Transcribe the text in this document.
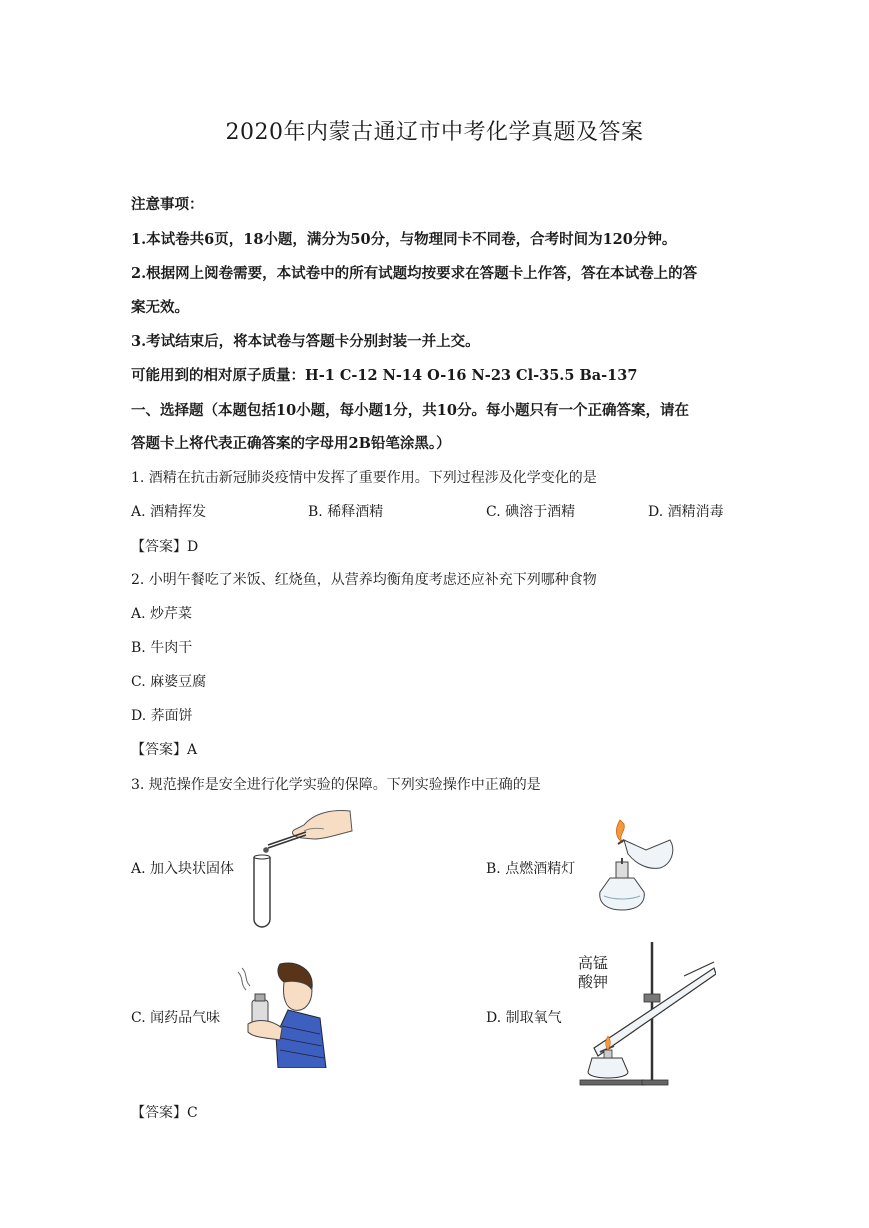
2020年内蒙古通辽市中考化学真题及答案
注意事项：
1.本试卷共6页，18小题，满分为50分，与物理同卡不同卷，合考时间为120分钟。
2.根据网上阅卷需要，本试卷中的所有试题均按要求在答题卡上作答，答在本试卷上的答
案无效。
3.考试结束后，将本试卷与答题卡分别封装一并上交。
可能用到的相对原子质量：H-1 C-12 N-14 O-16 N-23 Cl-35.5 Ba-137
一、选择题（本题包括10小题，每小题1分，共10分。每小题只有一个正确答案，请在
答题卡上将代表正确答案的字母用2B铅笔涂黑。）
1. 酒精在抗击新冠肺炎疫情中发挥了重要作用。下列过程涉及化学变化的是
A. 酒精挥发	B. 稀释酒精	C. 碘溶于酒精	D. 酒精消毒
【答案】D
2. 小明午餐吃了米饭、红烧鱼，从营养均衡角度考虑还应补充下列哪种食物
A. 炒芹菜
B. 牛肉干
C. 麻婆豆腐
D. 荞面饼
【答案】A
3. 规范操作是安全进行化学实验的保障。下列实验操作中正确的是
A. 加入块状固体	B. 点燃酒精灯
C. 闻药品气味	D. 制取氧气
高锰
酸钾
【答案】C
